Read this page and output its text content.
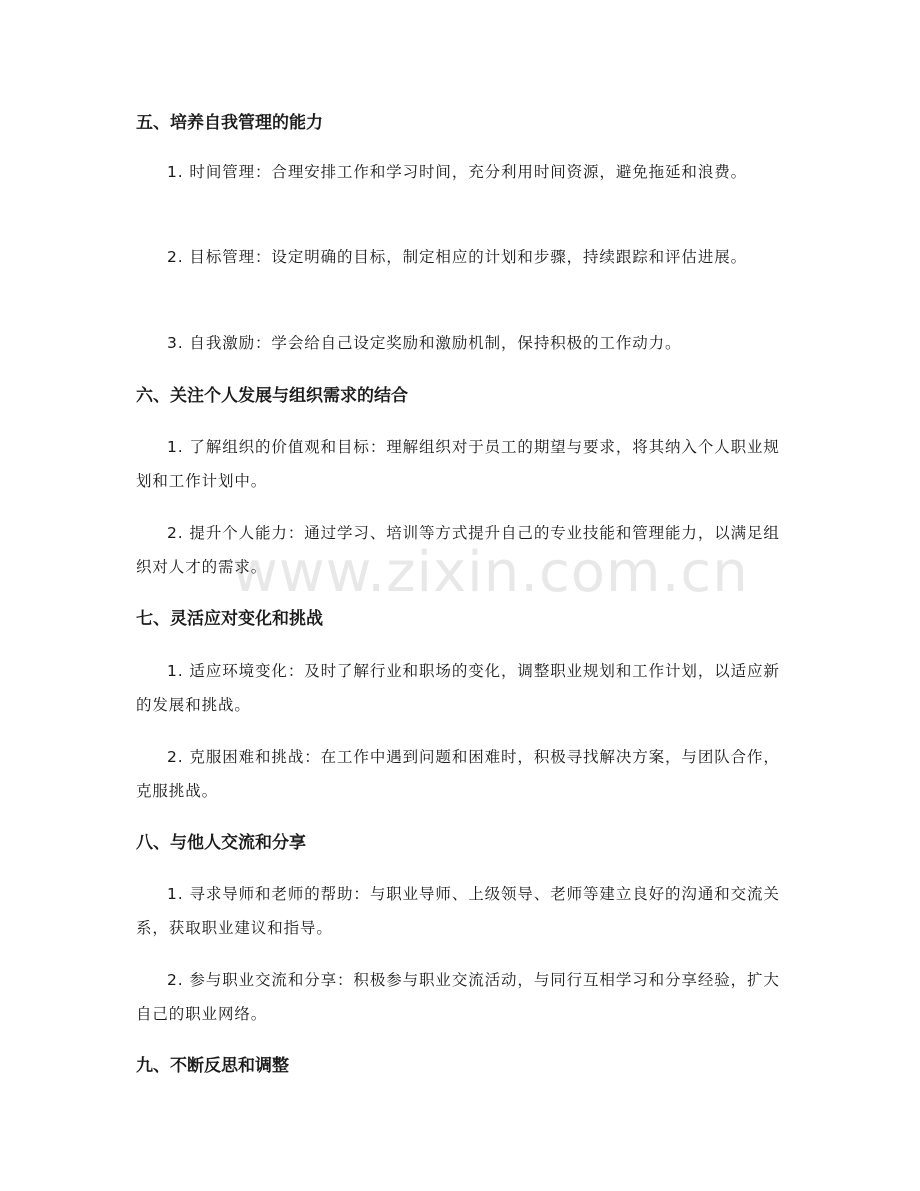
五、培养自我管理的能力

1. 时间管理：合理安排工作和学习时间，充分利用时间资源，避免拖延和浪费。

2. 目标管理：设定明确的目标，制定相应的计划和步骤，持续跟踪和评估进展。

3. 自我激励：学会给自己设定奖励和激励机制，保持积极的工作动力。

六、关注个人发展与组织需求的结合

1. 了解组织的价值观和目标：理解组织对于员工的期望与要求，将其纳入个人职业规划和工作计划中。

2. 提升个人能力：通过学习、培训等方式提升自己的专业技能和管理能力，以满足组织对人才的需求。

七、灵活应对变化和挑战

1. 适应环境变化：及时了解行业和职场的变化，调整职业规划和工作计划，以适应新的发展和挑战。

2. 克服困难和挑战：在工作中遇到问题和困难时，积极寻找解决方案，与团队合作，克服挑战。

八、与他人交流和分享

1. 寻求导师和老师的帮助：与职业导师、上级领导、老师等建立良好的沟通和交流关系，获取职业建议和指导。

2. 参与职业交流和分享：积极参与职业交流活动，与同行互相学习和分享经验，扩大自己的职业网络。

九、不断反思和调整
www.zixin.com.cn
